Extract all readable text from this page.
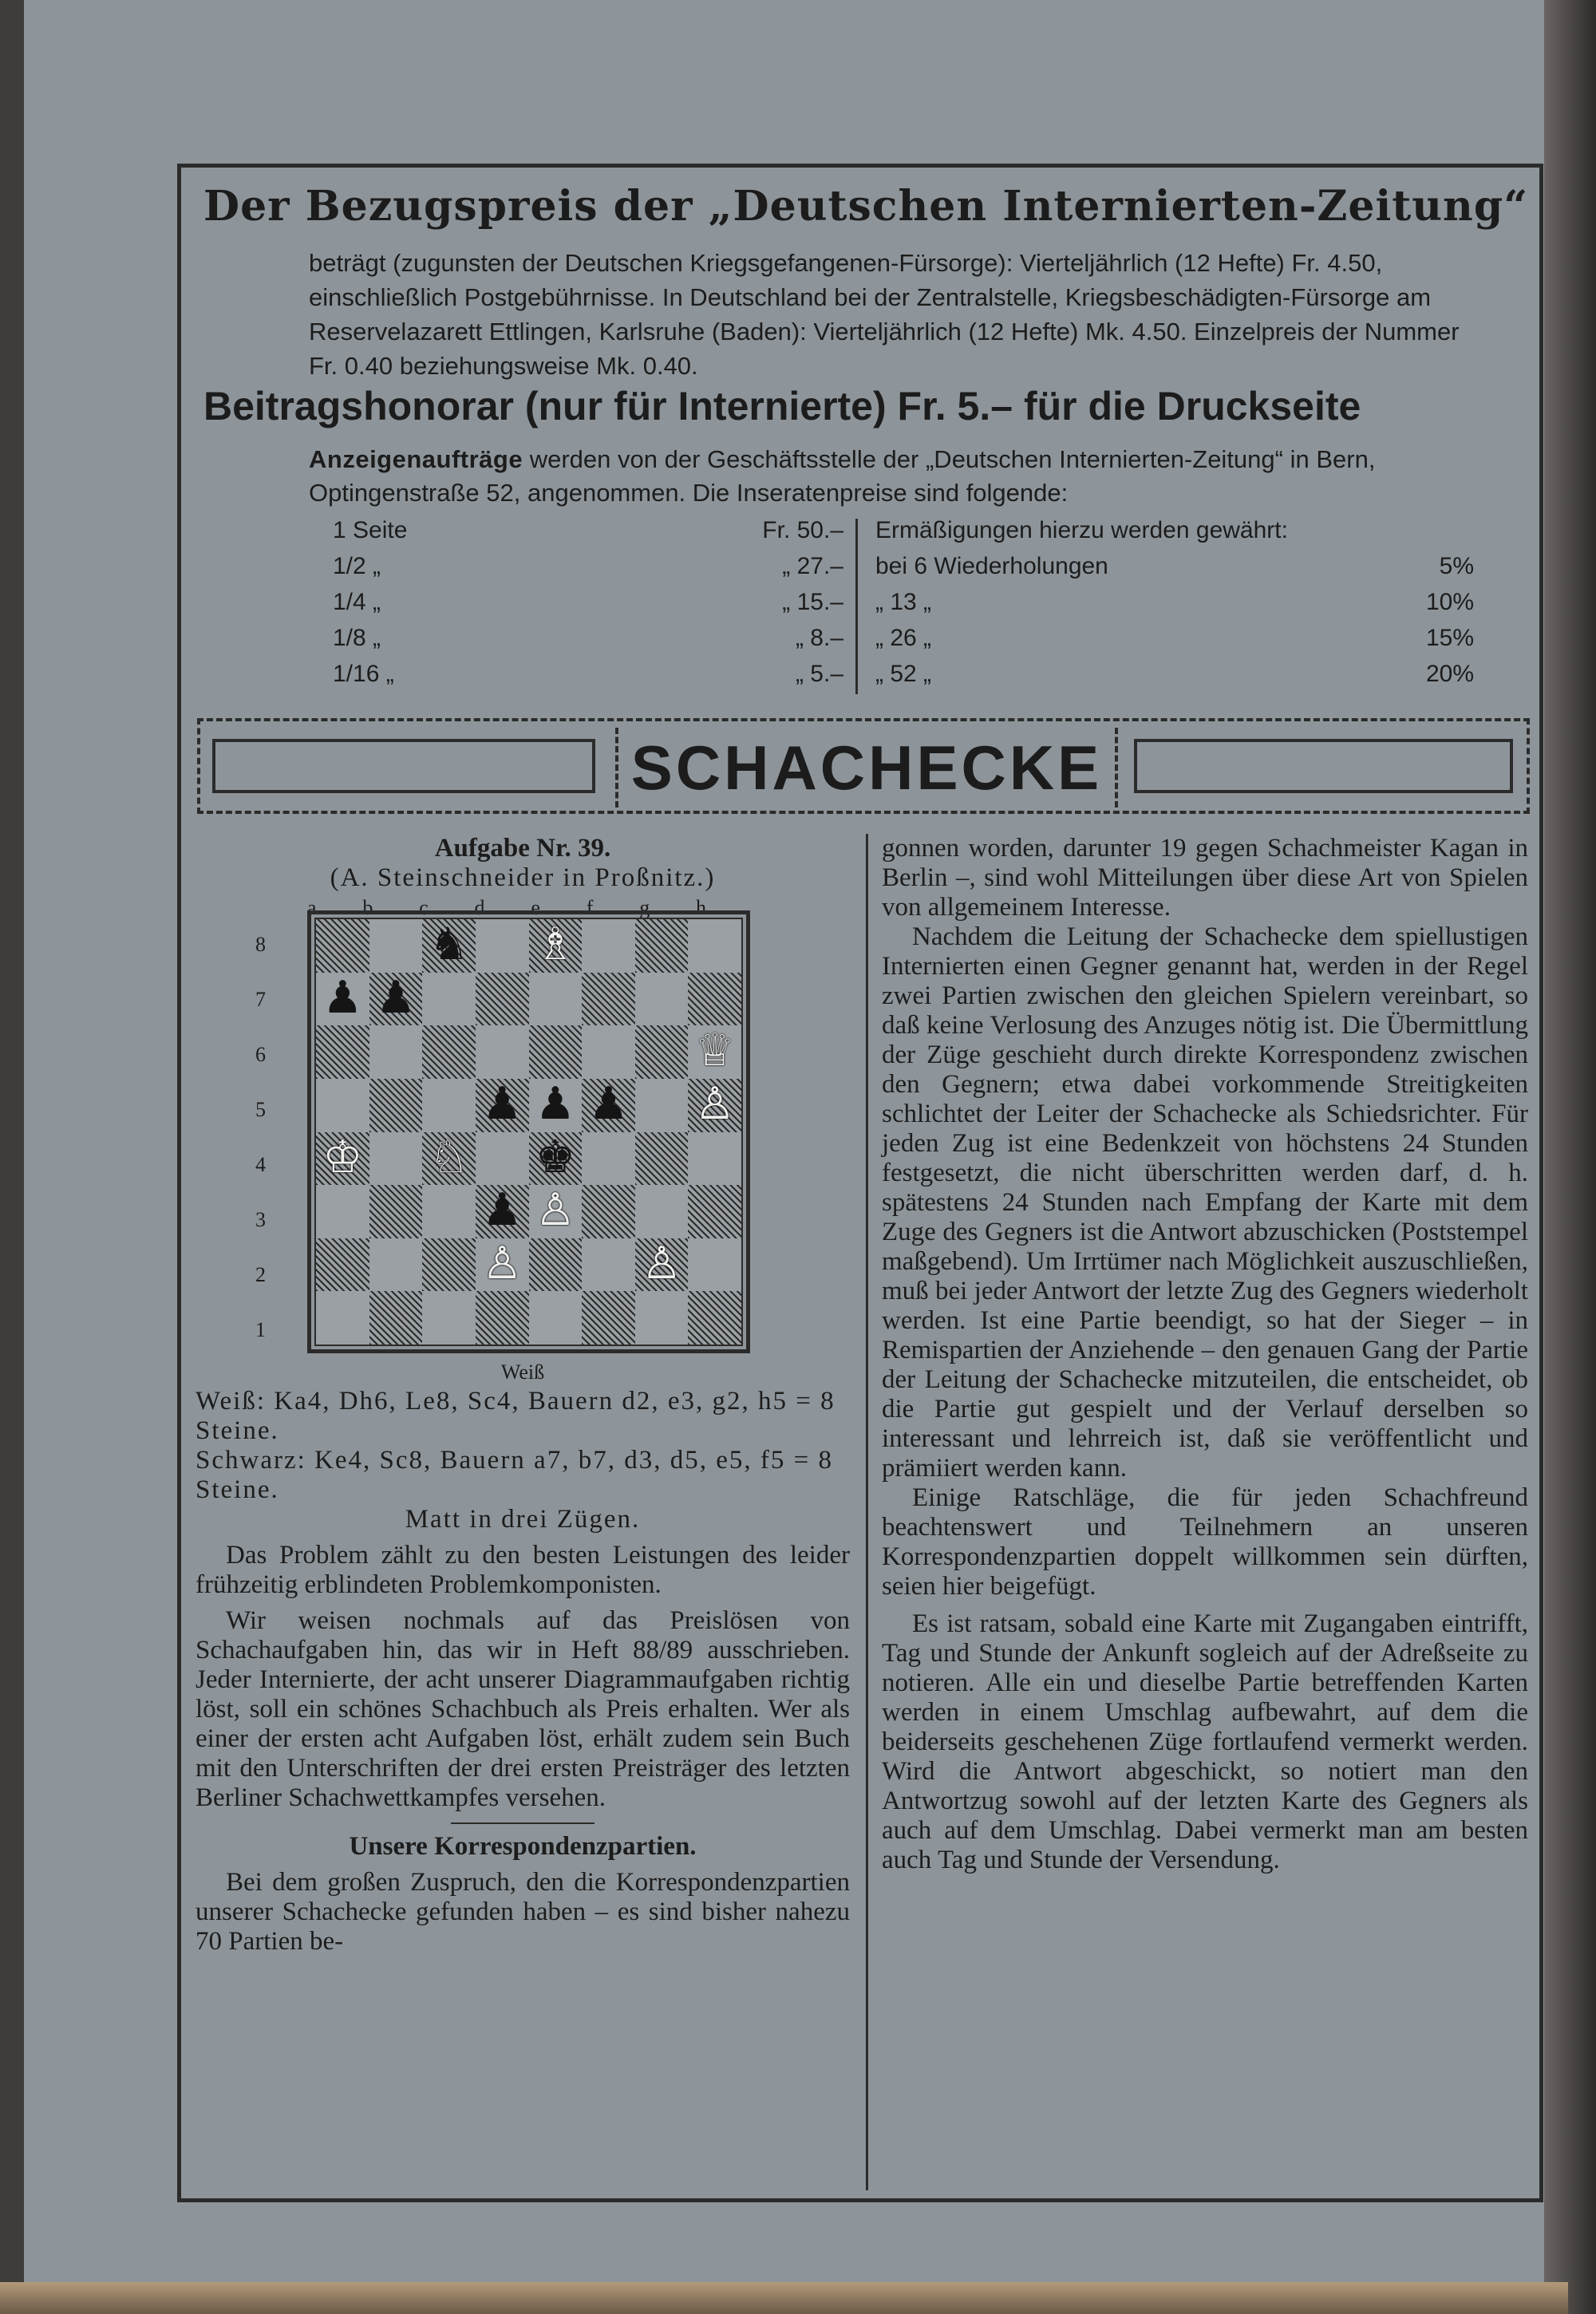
Der Bezugspreis der „Deutschen Internierten-Zeitung“
beträgt (zugunsten der Deutschen Kriegsgefangenen-Fürsorge): Vierteljährlich (12 Hefte) Fr. 4.50, einschließlich Postgebührnisse. In Deutschland bei der Zentralstelle, Kriegsbeschädigten-Fürsorge am Reservelazarett Ettlingen, Karlsruhe (Baden): Vierteljährlich (12 Hefte) Mk. 4.50. Einzelpreis der Nummer Fr. 0.40 beziehungsweise Mk. 0.40.
Beitragshonorar (nur für Internierte) Fr. 5.– für die Druckseite
Anzeigenaufträge werden von der Geschäftsstelle der „Deutschen Internierten-Zeitung“ in Bern, Optingenstraße 52, angenommen. Die Inseratenpreise sind folgende:
1 Seite	Fr. 50.–
1/2 „	„ 27.–
1/4 „	„ 15.–
1/8 „	„ 8.–
1/16 „	„ 5.–
Ermäßigungen hierzu werden gewährt:
bei 6 Wiederholungen	5%
„ 13 „	10%
„ 26 „	15%
„ 52 „	20%
SCHACHECKE

Aufgabe Nr. 39.

(A. Steinschneider in Proßnitz.)

a b c d e f g h
8
7
6
5
4
3
2
1
♞ ♗
♟ ♟
♕
♟ ♟ ♟ ♙
♔ ♘ ♚
♟ ♙
♙	♙

Weiß

Weiß: Ka4, Dh6, Le8, Sc4, Bauern d2, e3, g2, h5 = 8 Steine.

Schwarz: Ke4, Sc8, Bauern a7, b7, d3, d5, e5, f5 = 8 Steine.

Matt in drei Zügen.

Das Problem zählt zu den besten Leistungen des leider frühzeitig erblindeten Problemkomponisten.

Wir weisen nochmals auf das Preislösen von Schachaufgaben hin, das wir in Heft 88/89 ausschrieben. Jeder Internierte, der acht unserer Diagrammaufgaben richtig löst, soll ein schönes Schachbuch als Preis erhalten. Wer als einer der ersten acht Aufgaben löst, erhält zudem sein Buch mit den Unterschriften der drei ersten Preisträger des letzten Berliner Schachwettkampfes versehen.

Unsere Korrespondenzpartien.

Bei dem großen Zuspruch, den die Korrespondenzpartien unserer Schachecke gefunden haben – es sind bisher nahezu 70 Partien be-

gonnen worden, darunter 19 gegen Schachmeister Kagan in Berlin –, sind wohl Mitteilungen über diese Art von Spielen von allgemeinem Interesse.

Nachdem die Leitung der Schachecke dem spiellustigen Internierten einen Gegner genannt hat, werden in der Regel zwei Partien zwischen den gleichen Spielern vereinbart, so daß keine Verlosung des Anzuges nötig ist. Die Übermittlung der Züge geschieht durch direkte Korrespondenz zwischen den Gegnern; etwa dabei vorkommende Streitigkeiten schlichtet der Leiter der Schachecke als Schiedsrichter. Für jeden Zug ist eine Bedenkzeit von höchstens 24 Stunden festgesetzt, die nicht überschritten werden darf, d. h. spätestens 24 Stunden nach Empfang der Karte mit dem Zuge des Gegners ist die Antwort abzuschicken (Poststempel maßgebend). Um Irrtümer nach Möglichkeit auszuschließen, muß bei jeder Antwort der letzte Zug des Gegners wiederholt werden. Ist eine Partie beendigt, so hat der Sieger – in Remispartien der Anziehende – den genauen Gang der Partie der Leitung der Schachecke mitzuteilen, die entscheidet, ob die Partie gut gespielt und der Verlauf derselben so interessant und lehrreich ist, daß sie veröffentlicht und prämiiert werden kann.

Einige Ratschläge, die für jeden Schachfreund beachtenswert und Teilnehmern an unseren Korrespondenzpartien doppelt willkommen sein dürften, seien hier beigefügt.

Es ist ratsam, sobald eine Karte mit Zugangaben eintrifft, Tag und Stunde der Ankunft sogleich auf der Adreßseite zu notieren. Alle ein und dieselbe Partie betreffenden Karten werden in einem Umschlag aufbewahrt, auf dem die beiderseits geschehenen Züge fortlaufend vermerkt werden. Wird die Antwort abgeschickt, so notiert man den Antwortzug sowohl auf der letzten Karte des Gegners als auch auf dem Umschlag. Dabei vermerkt man am besten auch Tag und Stunde der Versendung.
